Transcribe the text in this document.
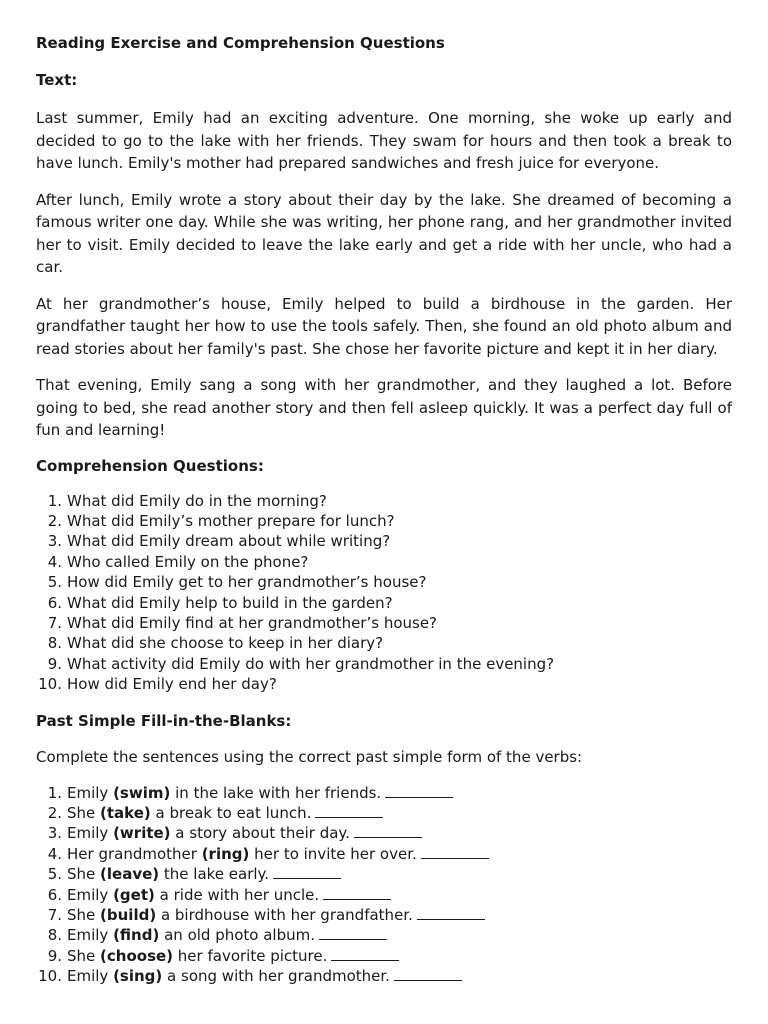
Reading Exercise and Comprehension Questions

Text:

Last summer, Emily had an exciting adventure. One morning, she woke up early and decided to go to the lake with her friends. They swam for hours and then took a break to have lunch. Emily's mother had prepared sandwiches and fresh juice for everyone.

After lunch, Emily wrote a story about their day by the lake. She dreamed of becoming a famous writer one day. While she was writing, her phone rang, and her grandmother invited her to visit. Emily decided to leave the lake early and get a ride with her uncle, who had a car.

At her grandmother’s house, Emily helped to build a birdhouse in the garden. Her grandfather taught her how to use the tools safely. Then, she found an old photo album and read stories about her family's past. She chose her favorite picture and kept it in her diary.

That evening, Emily sang a song with her grandmother, and they laughed a lot. Before going to bed, she read another story and then fell asleep quickly. It was a perfect day full of fun and learning!

Comprehension Questions:

1. What did Emily do in the morning?
2. What did Emily’s mother prepare for lunch?
3. What did Emily dream about while writing?
4. Who called Emily on the phone?
5. How did Emily get to her grandmother’s house?
6. What did Emily help to build in the garden?
7. What did Emily find at her grandmother’s house?
8. What did she choose to keep in her diary?
9. What activity did Emily do with her grandmother in the evening?
10. How did Emily end her day?

Past Simple Fill-in-the-Blanks:

Complete the sentences using the correct past simple form of the verbs:

1. Emily (swim) in the lake with her friends.
2. She (take) a break to eat lunch.
3. Emily (write) a story about their day.
4. Her grandmother (ring) her to invite her over.
5. She (leave) the lake early.
6. Emily (get) a ride with her uncle.
7. She (build) a birdhouse with her grandfather.
8. Emily (find) an old photo album.
9. She (choose) her favorite picture.
10. Emily (sing) a song with her grandmother.
